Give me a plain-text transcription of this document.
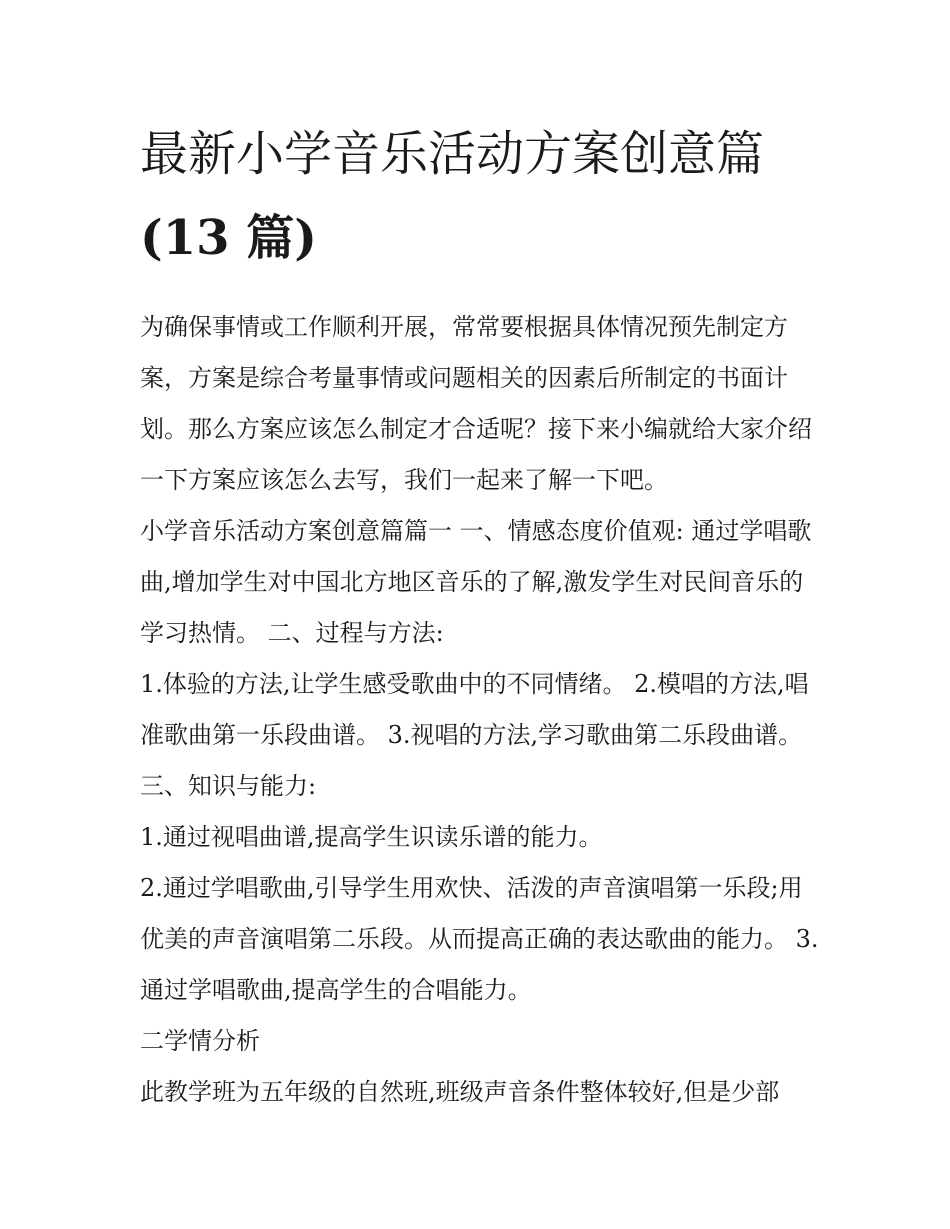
最新小学音乐活动方案创意篇
(13 篇)

为确保事情或工作顺利开展，常常要根据具体情况预先制定方案，方案是综合考量事情或问题相关的因素后所制定的书面计划。那么方案应该怎么制定才合适呢？接下来小编就给大家介绍一下方案应该怎么去写，我们一起来了解一下吧。

小学音乐活动方案创意篇篇一 一、情感态度价值观: 通过学唱歌曲,增加学生对中国北方地区音乐的了解,激发学生对民间音乐的学习热情。 二、过程与方法:

1.体验的方法,让学生感受歌曲中的不同情绪。 2.模唱的方法,唱准歌曲第一乐段曲谱。 3.视唱的方法,学习歌曲第二乐段曲谱。 三、知识与能力:

1.通过视唱曲谱,提高学生识读乐谱的能力。

2.通过学唱歌曲,引导学生用欢快、活泼的声音演唱第一乐段;用优美的声音演唱第二乐段。从而提高正确的表达歌曲的能力。 3.通过学唱歌曲,提高学生的合唱能力。

二学情分析

此教学班为五年级的自然班,班级声音条件整体较好,但是少部
